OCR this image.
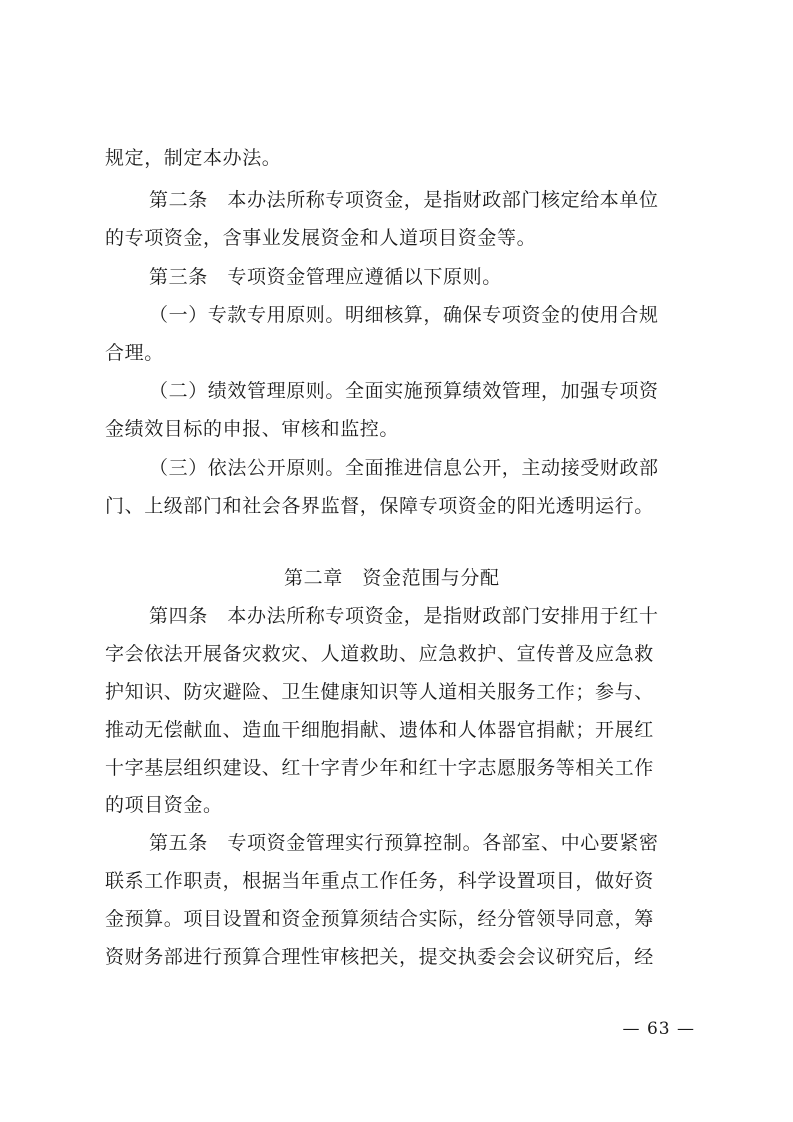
规定，制定本办法。
第二条　本办法所称专项资金，是指财政部门核定给本单位
的专项资金，含事业发展资金和人道项目资金等。
第三条　专项资金管理应遵循以下原则。
（一）专款专用原则。明细核算，确保专项资金的使用合规
合理。
（二）绩效管理原则。全面实施预算绩效管理，加强专项资
金绩效目标的申报、审核和监控。
（三）依法公开原则。全面推进信息公开，主动接受财政部
门、上级部门和社会各界监督，保障专项资金的阳光透明运行。
第二章　资金范围与分配
第四条　本办法所称专项资金，是指财政部门安排用于红十
字会依法开展备灾救灾、人道救助、应急救护、宣传普及应急救
护知识、防灾避险、卫生健康知识等人道相关服务工作；参与、
推动无偿献血、造血干细胞捐献、遗体和人体器官捐献；开展红
十字基层组织建设、红十字青少年和红十字志愿服务等相关工作
的项目资金。
第五条　专项资金管理实行预算控制。各部室、中心要紧密
联系工作职责，根据当年重点工作任务，科学设置项目，做好资
金预算。项目设置和资金预算须结合实际，经分管领导同意，筹
资财务部进行预算合理性审核把关，提交执委会会议研究后，经
— 63 —
